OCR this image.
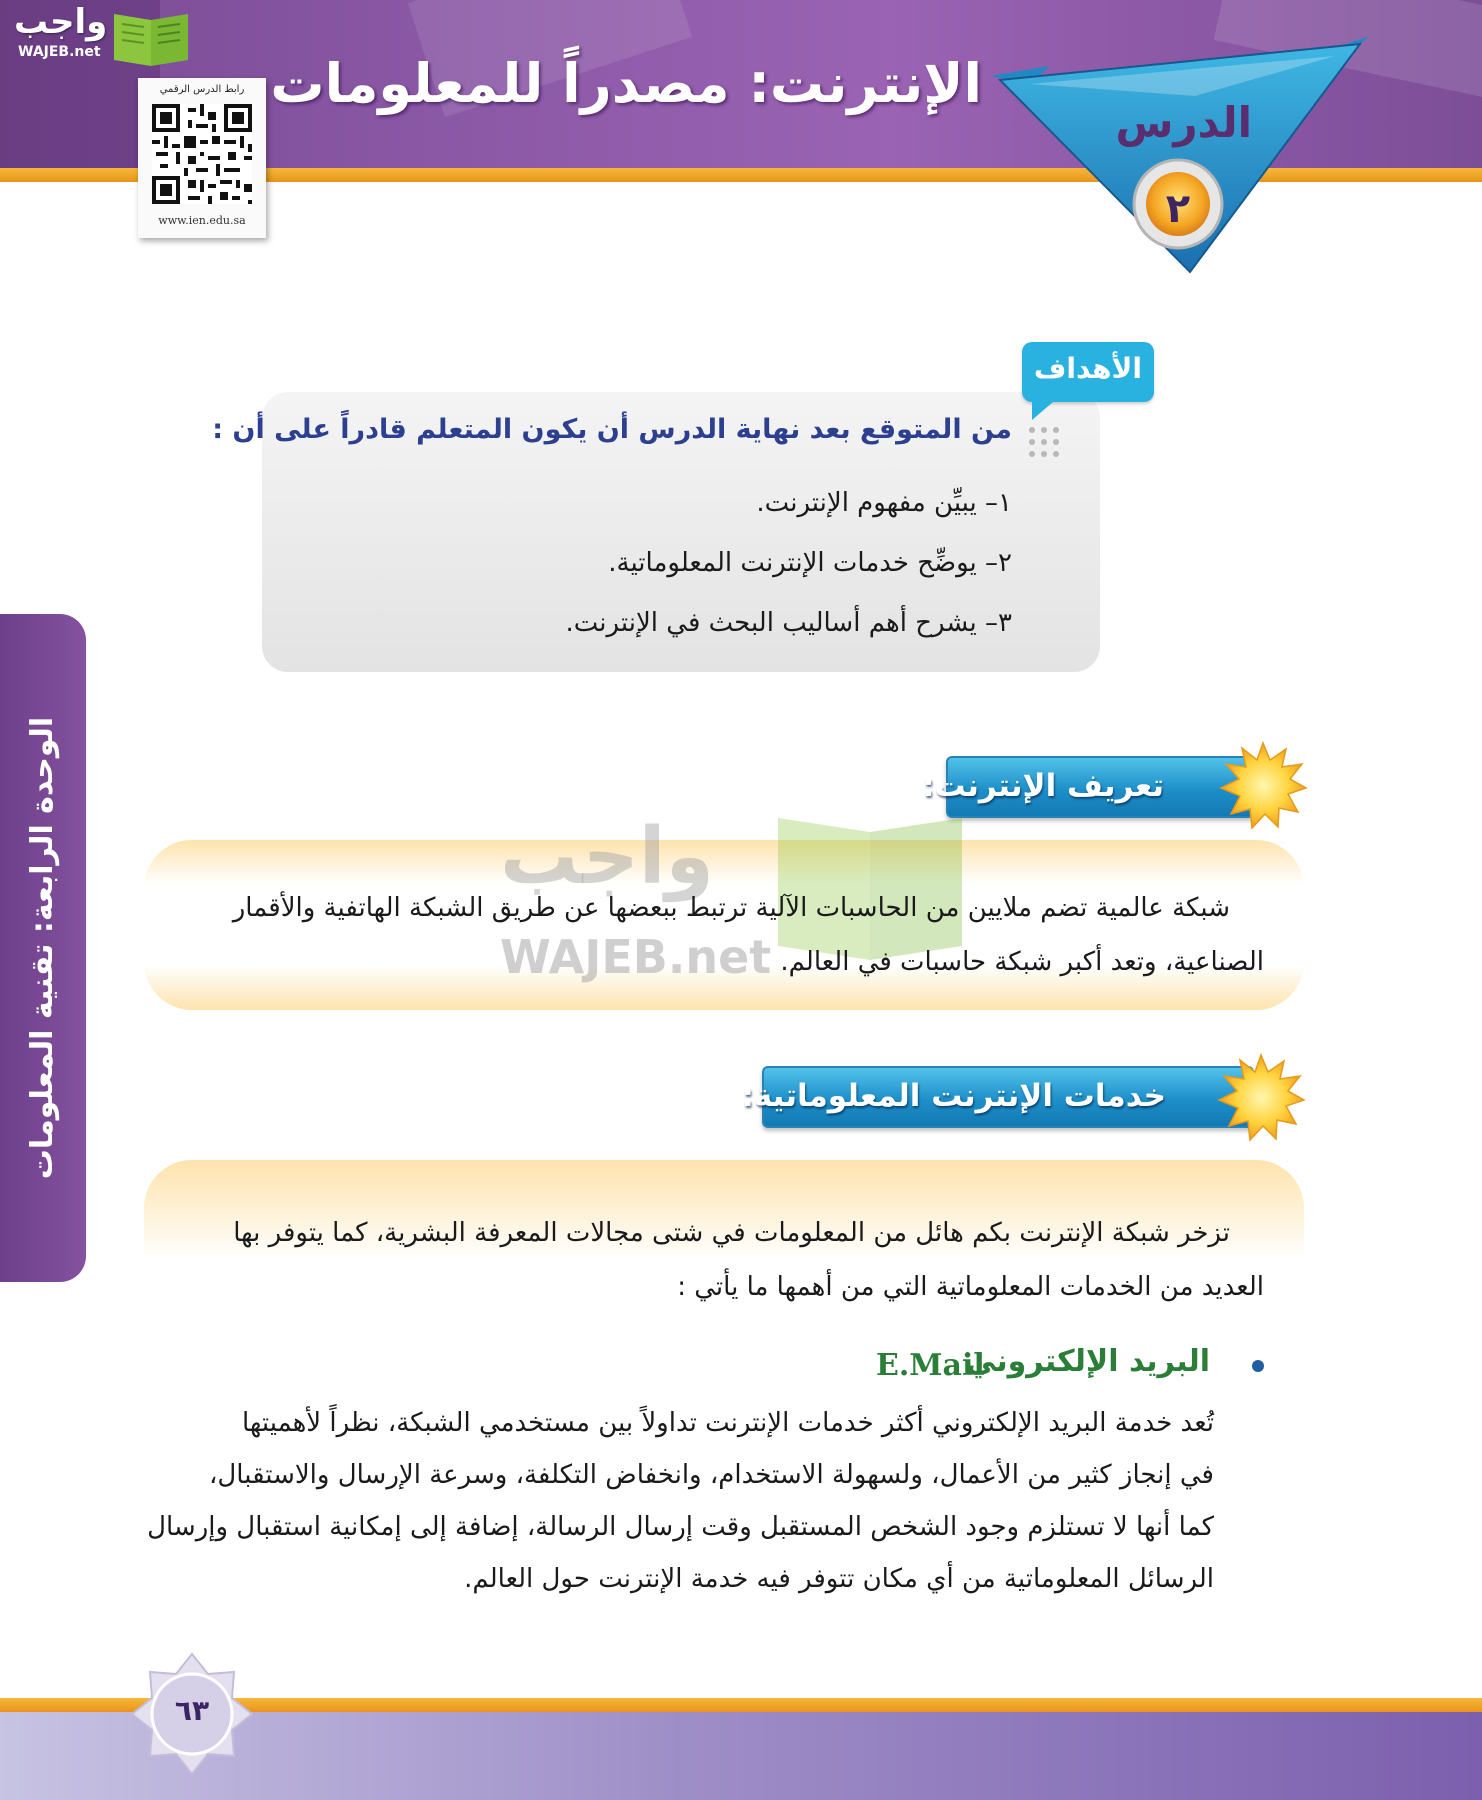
الإنترنت: مصدراً للمعلومات
واجب
WAJEB.net
رابط الدرس الرقمي
www.ien.edu.sa
الدرس
٢
الأهداف
من المتوقع بعد نهاية الدرس أن يكون المتعلم قادراً على أن :
١– يبيِّن مفهوم الإنترنت.
٢– يوضِّح خدمات الإنترنت المعلوماتية.
٣– يشرح أهم أساليب البحث في الإنترنت.
تعريف الإنترنت:
واجب
WAJEB.net
شبكة عالمية تضم ملايين من الحاسبات الآلية ترتبط ببعضها عن طريق الشبكة الهاتفية والأقمار
الصناعية، وتعد أكبر شبكة حاسبات في العالم.
خدمات الإنترنت المعلوماتية:
تزخر شبكة الإنترنت بكم هائل من المعلومات في شتى مجالات المعرفة البشرية، كما يتوفر بها
العديد من الخدمات المعلوماتية التي من أهمها ما يأتي :
البريد الإلكتروني
E.Mail
تُعد خدمة البريد الإلكتروني أكثر خدمات الإنترنت تداولاً بين مستخدمي الشبكة، نظراً لأهميتها
في إنجاز كثير من الأعمال، ولسهولة الاستخدام، وانخفاض التكلفة، وسرعة الإرسال والاستقبال،
كما أنها لا تستلزم وجود الشخص المستقبل وقت إرسال الرسالة، إضافة إلى إمكانية استقبال وإرسال
الرسائل المعلوماتية من أي مكان تتوفر فيه خدمة الإنترنت حول العالم.
الوحدة الرابعة: تقنية المعلومات
٦٣
